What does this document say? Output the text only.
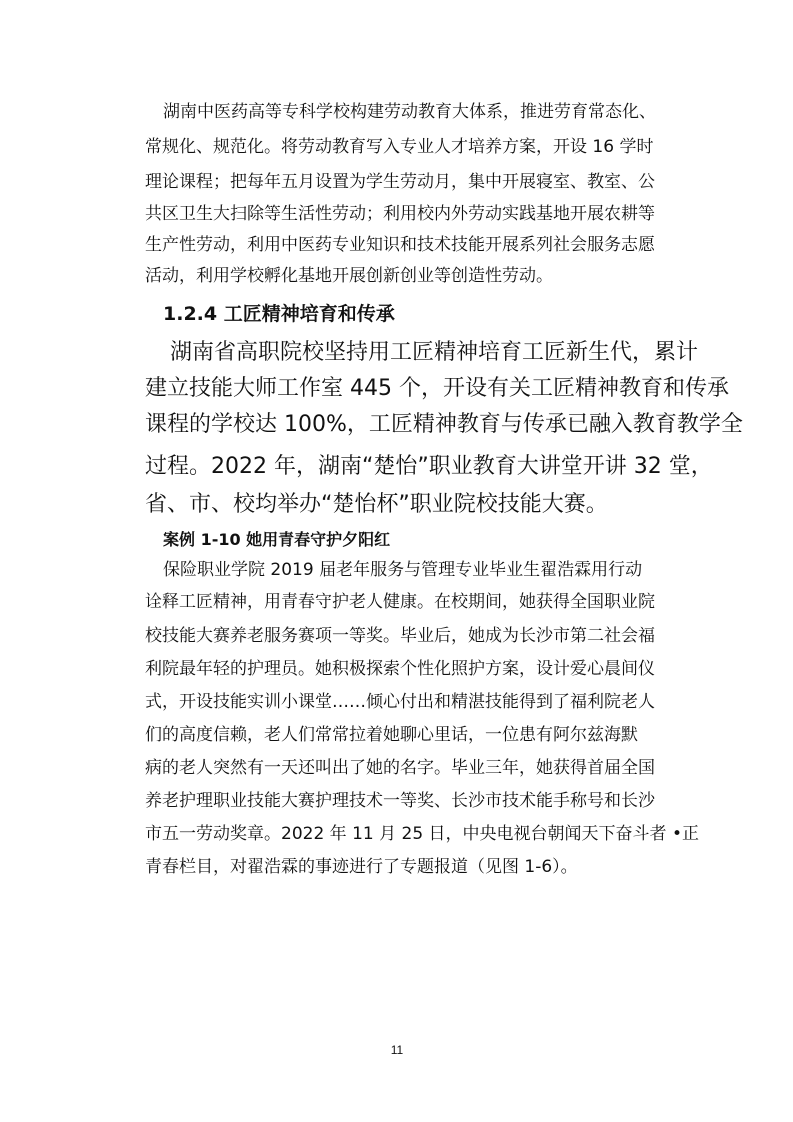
湖南中医药高等专科学校构建劳动教育大体系，推进劳育常态化、
常规化、规范化。将劳动教育写入专业人才培养方案，开设 16 学时
理论课程；把每年五月设置为学生劳动月，集中开展寝室、教室、公
共区卫生大扫除等生活性劳动；利用校内外劳动实践基地开展农耕等
生产性劳动，利用中医药专业知识和技术技能开展系列社会服务志愿
活动，利用学校孵化基地开展创新创业等创造性劳动。
1.2.4 工匠精神培育和传承
湖南省高职院校坚持用工匠精神培育工匠新生代，累计
建立技能大师工作室 445 个，开设有关工匠精神教育和传承
课程的学校达 100%，工匠精神教育与传承已融入教育教学全
过程。2022 年，湖南“楚怡”职业教育大讲堂开讲 32 堂，
省、市、校均举办“楚怡杯”职业院校技能大赛。
案例 1-10 她用青春守护夕阳红
保险职业学院 2019 届老年服务与管理专业毕业生翟浩霖用行动
诠释工匠精神，用青春守护老人健康。在校期间，她获得全国职业院
校技能大赛养老服务赛项一等奖。毕业后，她成为长沙市第二社会福
利院最年轻的护理员。她积极探索个性化照护方案，设计爱心晨间仪
式，开设技能实训小课堂……倾心付出和精湛技能得到了福利院老人
们的高度信赖，老人们常常拉着她聊心里话，一位患有阿尔兹海默
病的老人突然有一天还叫出了她的名字。毕业三年，她获得首届全国
养老护理职业技能大赛护理技术一等奖、长沙市技术能手称号和长沙
市五一劳动奖章。2022 年 11 月 25 日，中央电视台朝闻天下奋斗者 •正
青春栏目，对翟浩霖的事迹进行了专题报道（见图 1-6）。
11
